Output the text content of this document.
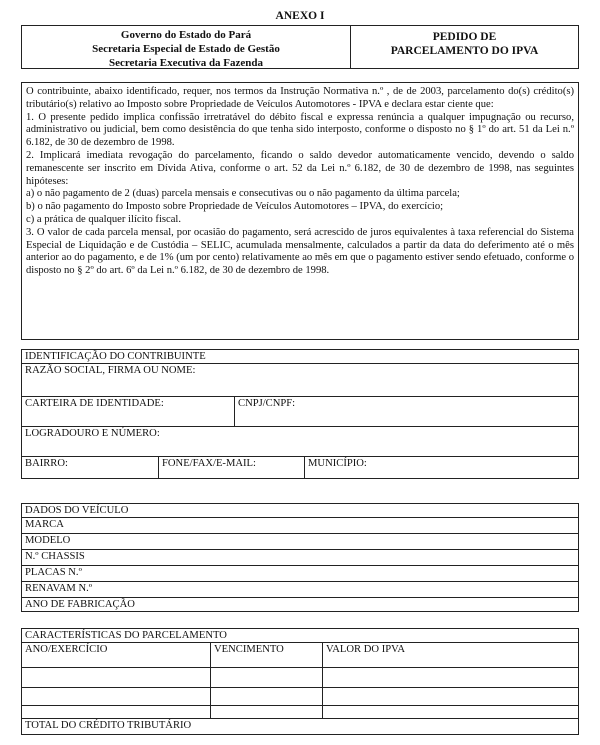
ANEXO I
Governo do Estado do Pará
Secretaria Especial de Estado de Gestão
Secretaria Executiva da Fazenda
PEDIDO DE
PARCELAMENTO DO IPVA

O contribuinte, abaixo identificado, requer, nos termos da Instrução Normativa n.º , de de 2003, parcelamento do(s) crédito(s) tributário(s) relativo ao Imposto sobre Propriedade de Veículos Automotores - IPVA e declara estar ciente que:

1. O presente pedido implica confissão irretratável do débito fiscal e expressa renúncia a qualquer impugnação ou recurso, administrativo ou judicial, bem como desistência do que tenha sido interposto, conforme o disposto no § 1º do art. 51 da Lei n.º 6.182, de 30 de dezembro de 1998.

2. Implicará imediata revogação do parcelamento, ficando o saldo devedor automaticamente vencido, devendo o saldo remanescente ser inscrito em Dívida Ativa, conforme o art. 52 da Lei n.º 6.182, de 30 de dezembro de 1998, nas seguintes hipóteses:

a) o não pagamento de 2 (duas) parcela mensais e consecutivas ou o não pagamento da última parcela;

b) o não pagamento do Imposto sobre Propriedade de Veículos Automotores – IPVA, do exercício;

c) a prática de qualquer ilícito fiscal.

3. O valor de cada parcela mensal, por ocasião do pagamento, será acrescido de juros equivalentes à taxa referencial do Sistema Especial de Liquidação e de Custódia – SELIC, acumulada mensalmente, calculados a partir da data do deferimento até o mês anterior ao do pagamento, e de 1% (um por cento) relativamente ao mês em que o pagamento estiver sendo efetuado, conforme o disposto no § 2º do art. 6º da Lei n.º 6.182, de 30 de dezembro de 1998.

IDENTIFICAÇÃO DO CONTRIBUINTE
RAZÃO SOCIAL, FIRMA OU NOME:
CARTEIRA DE IDENTIDADE:	CNPJ/CNPF:
LOGRADOURO E NÚMERO:
BAIRRO:	FONE/FAX/E-MAIL:	MUNICÍPIO:
DADOS DO VEÍCULO
MARCA
MODELO
N.º CHASSIS
PLACAS N.º
RENAVAM N.º
ANO DE FABRICAÇÃO
CARACTERÍSTICAS DO PARCELAMENTO
ANO/EXERCÍCIO	VENCIMENTO	VALOR DO IPVA
TOTAL DO CRÉDITO TRIBUTÁRIO
